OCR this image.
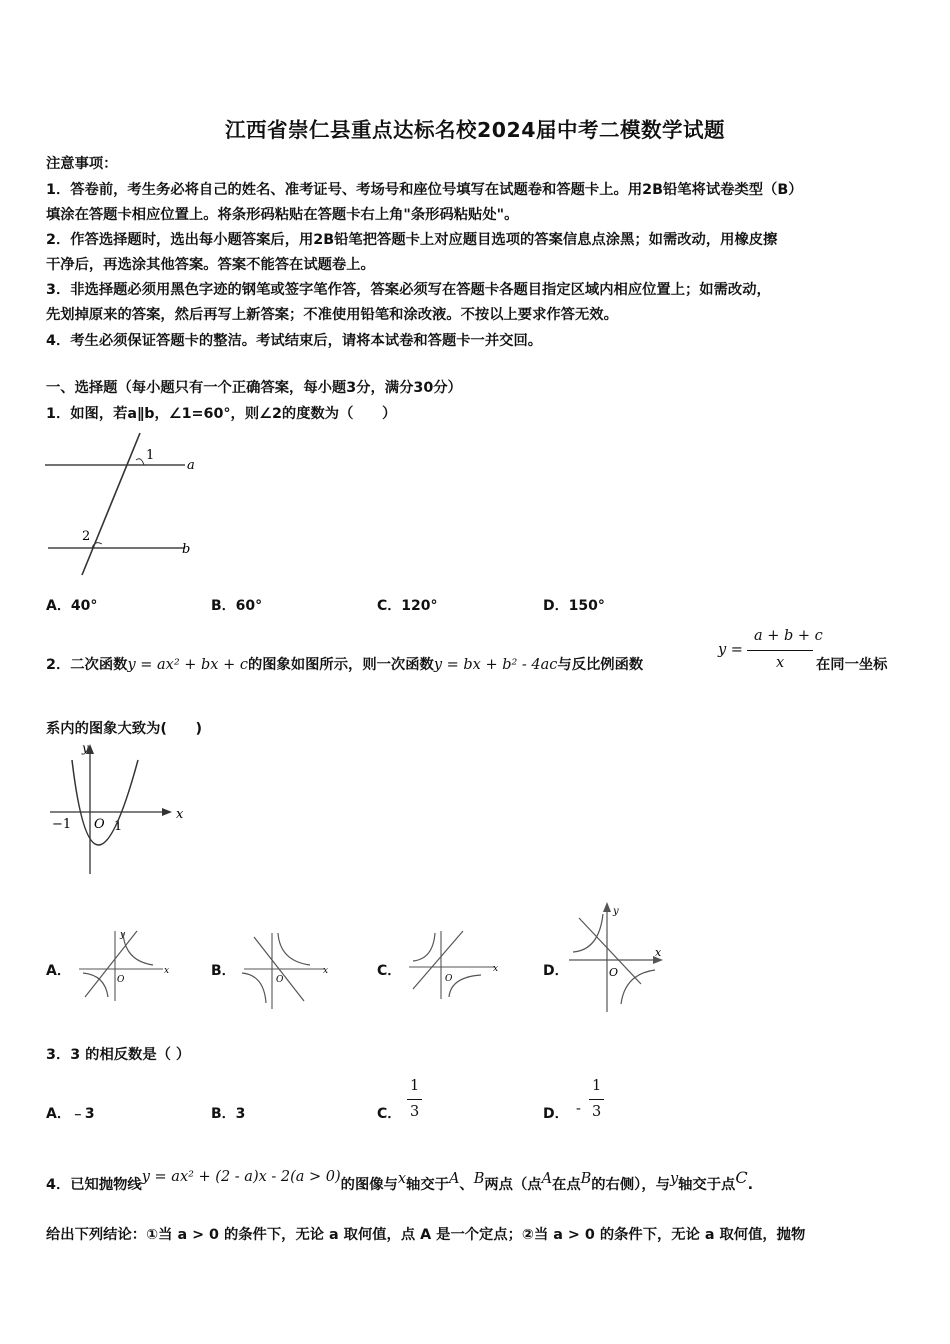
江西省崇仁县重点达标名校2024届中考二模数学试题
注意事项：
1．答卷前，考生务必将自己的姓名、准考证号、考场号和座位号填写在试题卷和答题卡上。用2B铅笔将试卷类型（B）
填涂在答题卡相应位置上。将条形码粘贴在答题卡右上角"条形码粘贴处"。
2．作答选择题时，选出每小题答案后，用2B铅笔把答题卡上对应题目选项的答案信息点涂黑；如需改动，用橡皮擦
干净后，再选涂其他答案。答案不能答在试题卷上。
3．非选择题必须用黑色字迹的钢笔或签字笔作答，答案必须写在答题卡各题目指定区域内相应位置上；如需改动，
先划掉原来的答案，然后再写上新答案；不准使用铅笔和涂改液。不按以上要求作答无效。
4．考生必须保证答题卡的整洁。考试结束后，请将本试卷和答题卡一并交回。
一、选择题（每小题只有一个正确答案，每小题3分，满分30分）
1．如图，若a∥b，∠1=60°，则∠2的度数为（　　）
1
2
a
b
A．40°	B．60°	C．120°	D．150°
2．二次函数y = ax² + bx + c的图象如图所示，则一次函数y = bx + b² - 4ac与反比例函数
y =
a + b + c
x 在同一坐标
系内的图象大致为(　　)
y
x
O
−1	1
A．
y
x
O
B．	x
O
C．	x
O	D．
y
x
O
3．3 的相反数是（ ）
A．﹣3	B．3	C．
1
3	D． -
1
3
4．已知抛物线y = ax² + (2 - a)x - 2(a > 0)的图像与x轴交于A、B两点（点A在点B的右侧），与y轴交于点C.
给出下列结论：①当 a > 0 的条件下，无论 a 取何值，点 A 是一个定点；②当 a > 0 的条件下，无论 a 取何值，抛物
